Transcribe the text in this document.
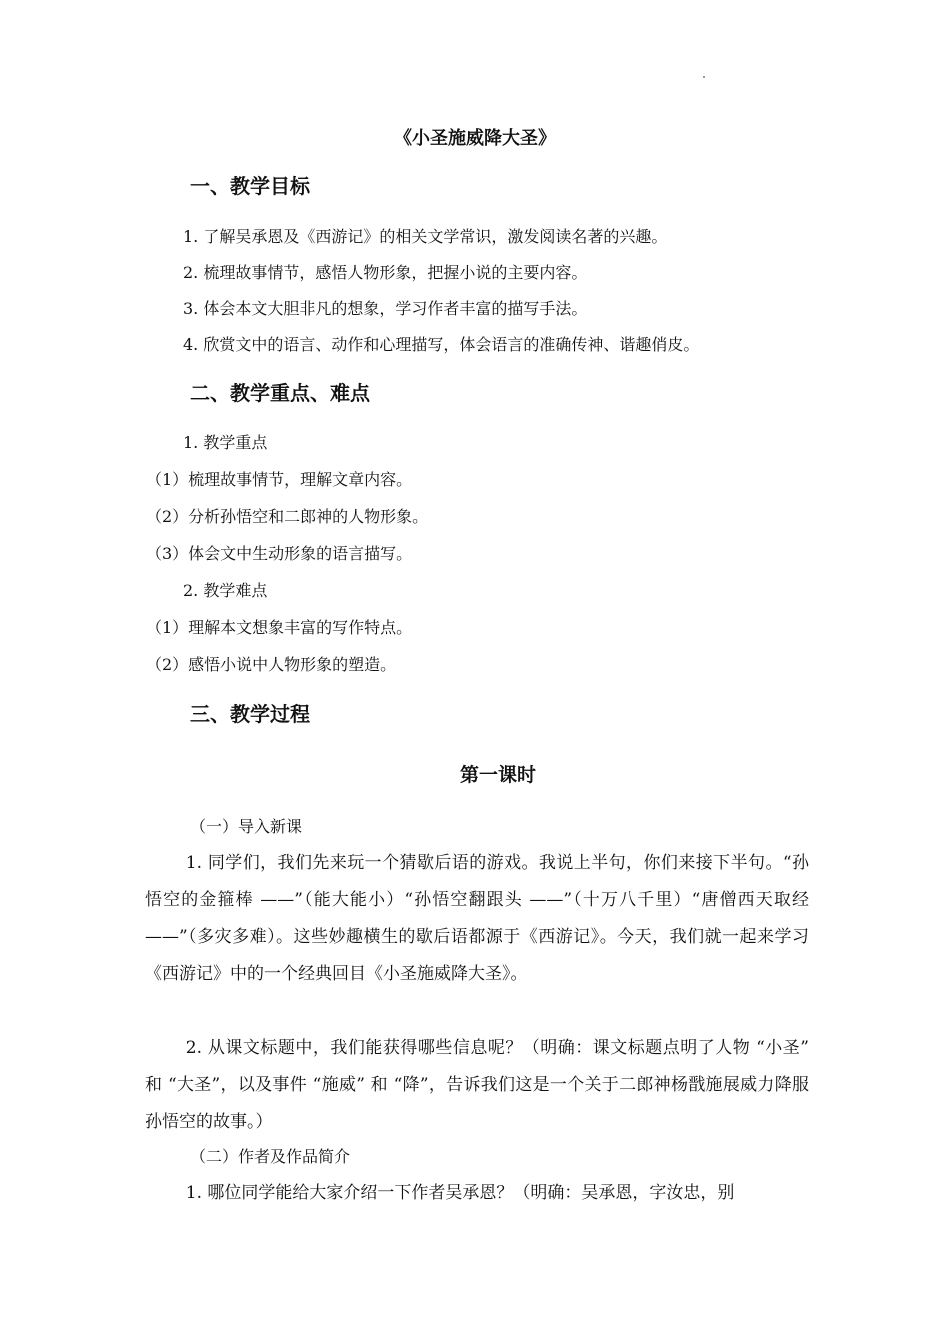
《小圣施威降大圣》
一、教学目标
1. 了解吴承恩及《西游记》的相关文学常识，激发阅读名著的兴趣。
2. 梳理故事情节，感悟人物形象，把握小说的主要内容。
3. 体会本文大胆非凡的想象，学习作者丰富的描写手法。
4. 欣赏文中的语言、动作和心理描写，体会语言的准确传神、谐趣俏皮。
二、教学重点、难点
1. 教学重点
（1）梳理故事情节，理解文章内容。
（2）分析孙悟空和二郎神的人物形象。
（3）体会文中生动形象的语言描写。
2. 教学难点
（1）理解本文想象丰富的写作特点。
（2）感悟小说中人物形象的塑造。
三、教学过程
第一课时
（一）导入新课
1. 同学们，我们先来玩一个猜歇后语的游戏。我说上半句，你们来接下半句。“孙悟空的金箍棒 ——”（能大能小）“孙悟空翻跟头 ——”（十万八千里）“唐僧西天取经 ——”（多灾多难）。这些妙趣横生的歇后语都源于《西游记》。今天，我们就一起来学习《西游记》中的一个经典回目《小圣施威降大圣》。
2. 从课文标题中，我们能获得哪些信息呢？（明确：课文标题点明了人物 “小圣” 和 “大圣”，以及事件 “施威” 和 “降”，告诉我们这是一个关于二郎神杨戬施展威力降服孙悟空的故事。）
（二）作者及作品简介
1. 哪位同学能给大家介绍一下作者吴承恩？（明确：吴承恩，字汝忠，别
